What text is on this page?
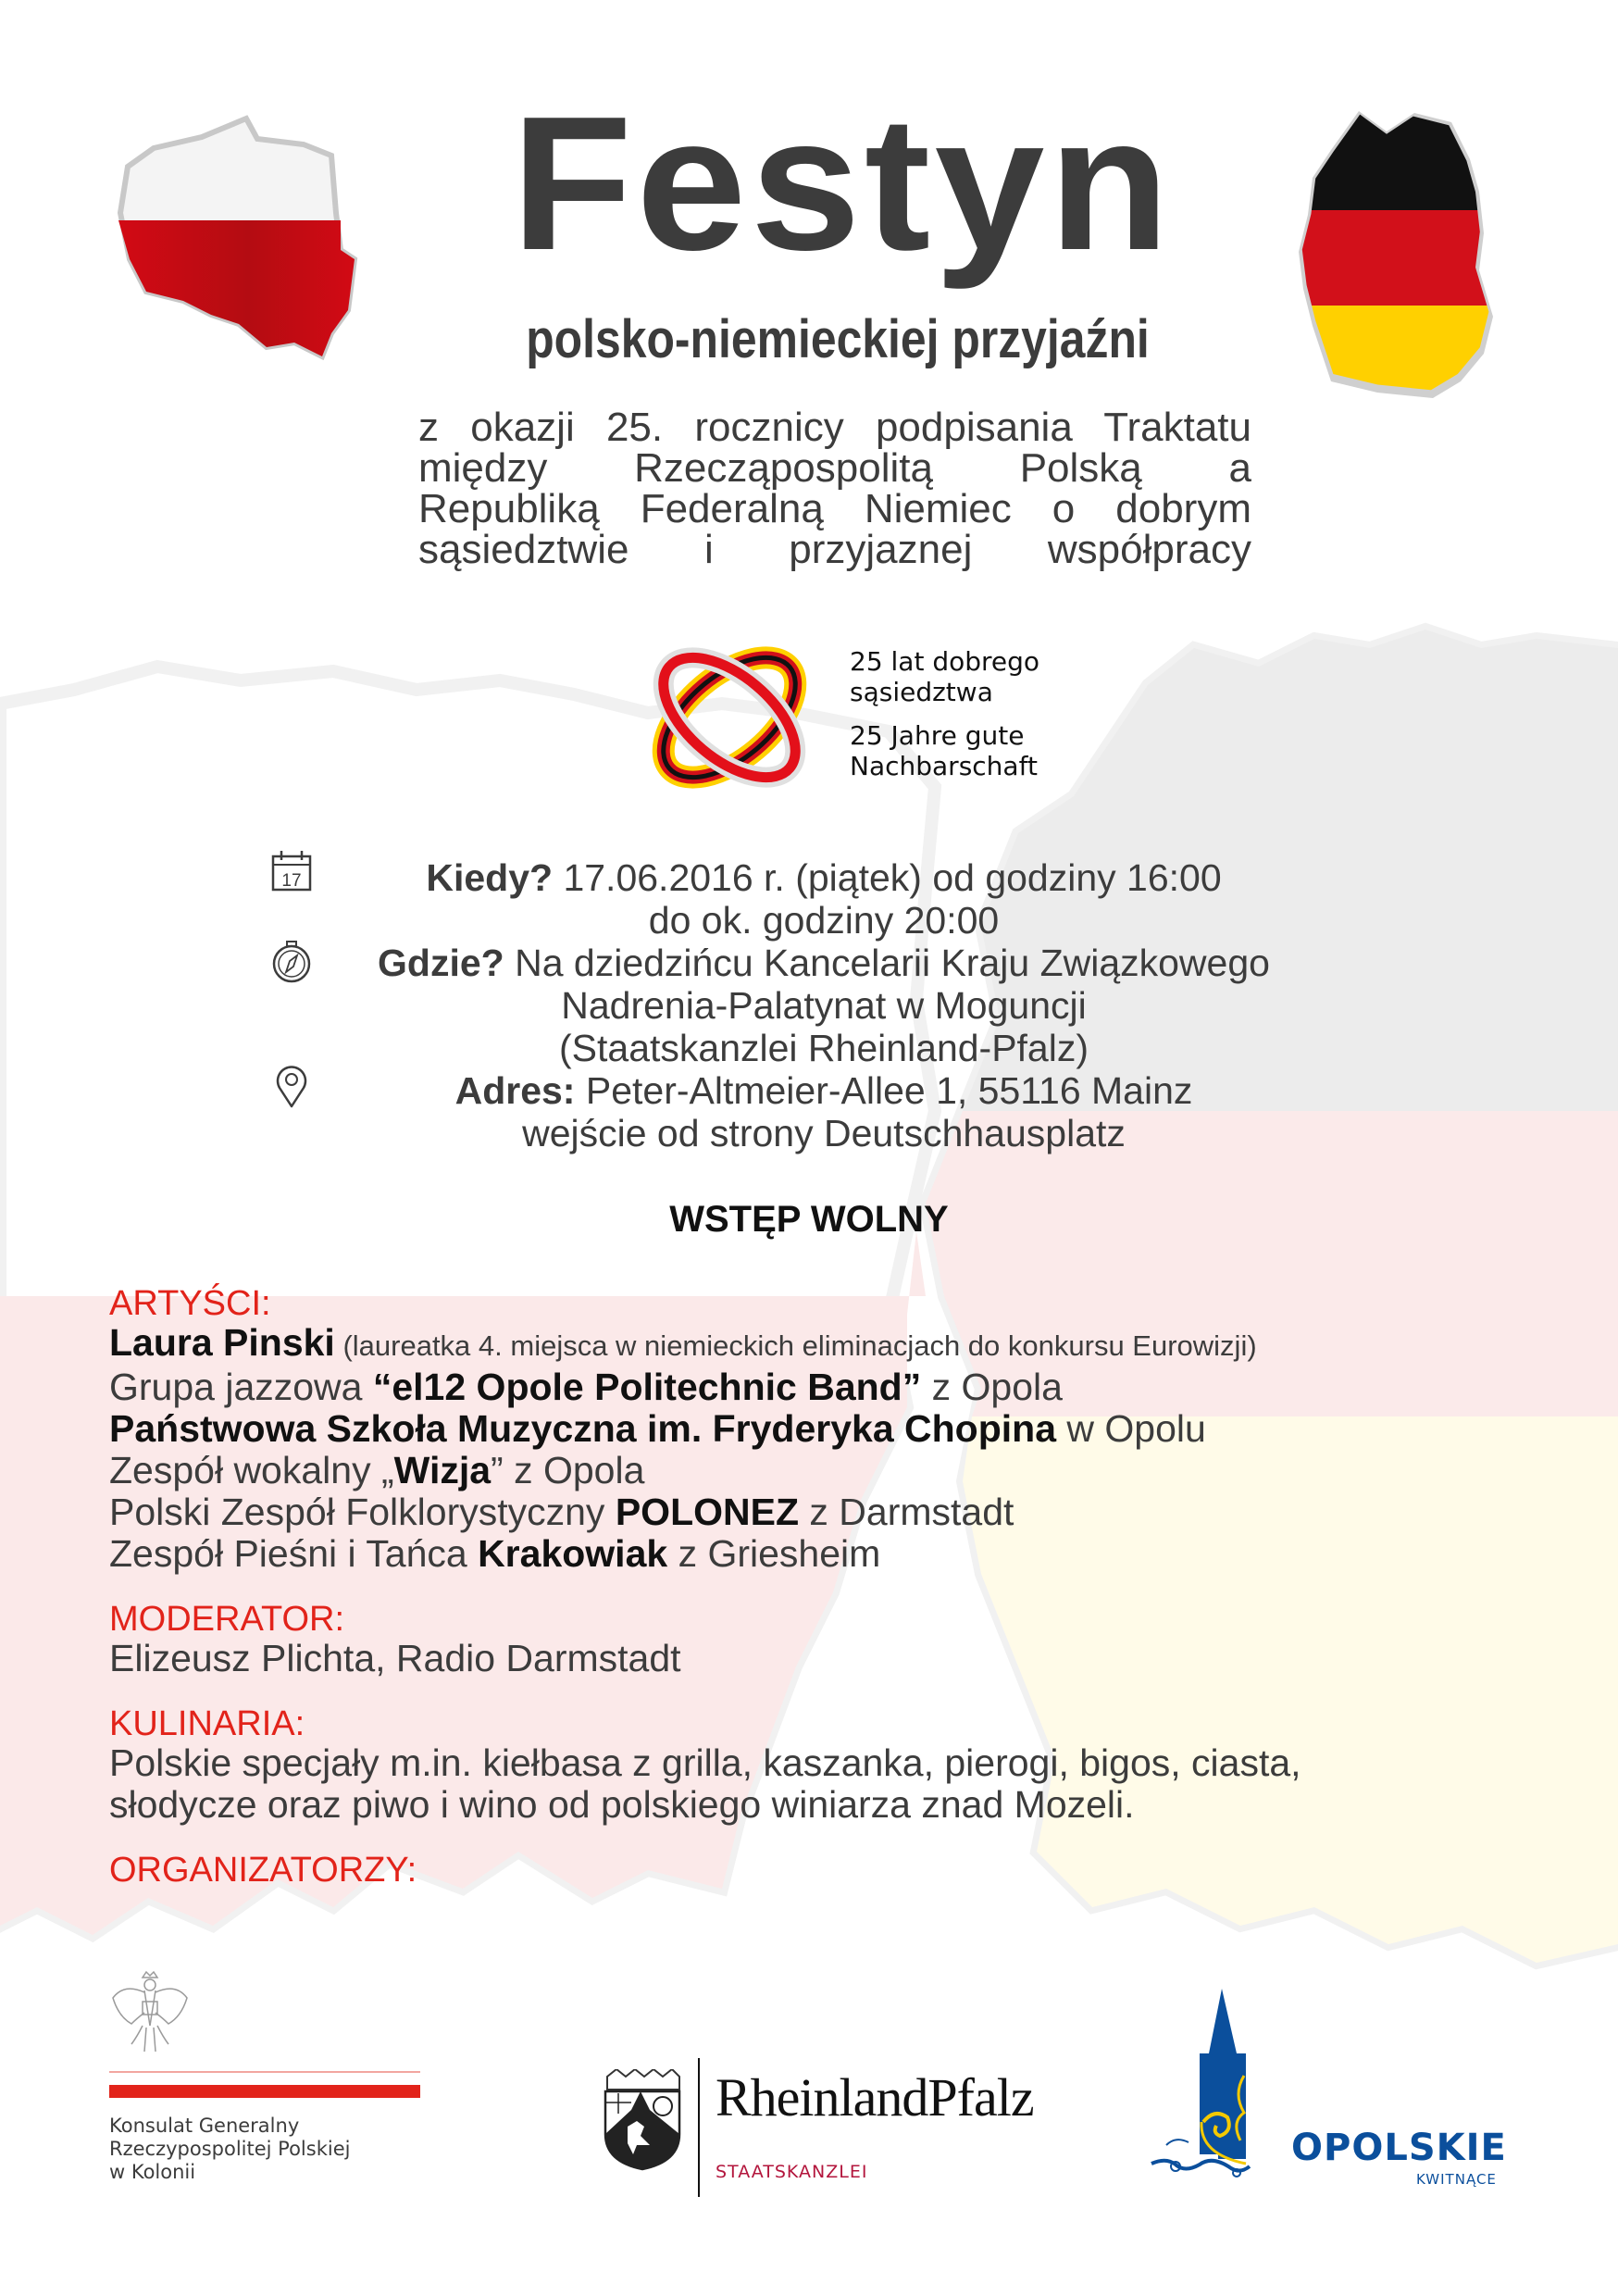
Festyn
polsko-niemieckiej przyjaźni
z okazji 25. rocznicy podpisania Traktatu
między Rzecząpospolitą Polską a
Republiką Federalną Niemiec o dobrym
sąsiedztwie i przyjaznej współpracy
25 lat dobrego
sąsiedztwa
25 Jahre gute
Nachbarschaft
17	Kiedy? 17.06.2016 r. (piątek) od godziny 16:00
do ok. godziny 20:00
Gdzie? Na dziedzińcu Kancelarii Kraju Związkowego
Nadrenia-Palatynat w Moguncji
(Staatskanzlei Rheinland-Pfalz)
Adres: Peter-Altmeier-Allee 1, 55116 Mainz
wejście od strony Deutschhausplatz
WSTĘP WOLNY
ARTYŚCI:
Laura Pinski (laureatka 4. miejsca w niemieckich eliminacjach do konkursu Eurowizji)
Grupa jazzowa “el12 Opole Politechnic Band” z Opola
Państwowa Szkoła Muzyczna im. Fryderyka Chopina w Opolu
Zespół wokalny „Wizja” z Opola
Polski Zespół Folklorystyczny POLONEZ z Darmstadt
Zespół Pieśni i Tańca Krakowiak z Griesheim
MODERATOR:
Elizeusz Plichta, Radio Darmstadt
KULINARIA:
Polskie specjały m.in. kiełbasa z grilla, kaszanka, pierogi, bigos, ciasta,
słodycze oraz piwo i wino od polskiego winiarza znad Mozeli.
ORGANIZATORZY:
Konsulat Generalny
Rzeczypospolitej Polskiej
w Kolonii
RheinlandPfalz
STAATSKANZLEI
OPOLSKIE
KWITNĄCE
